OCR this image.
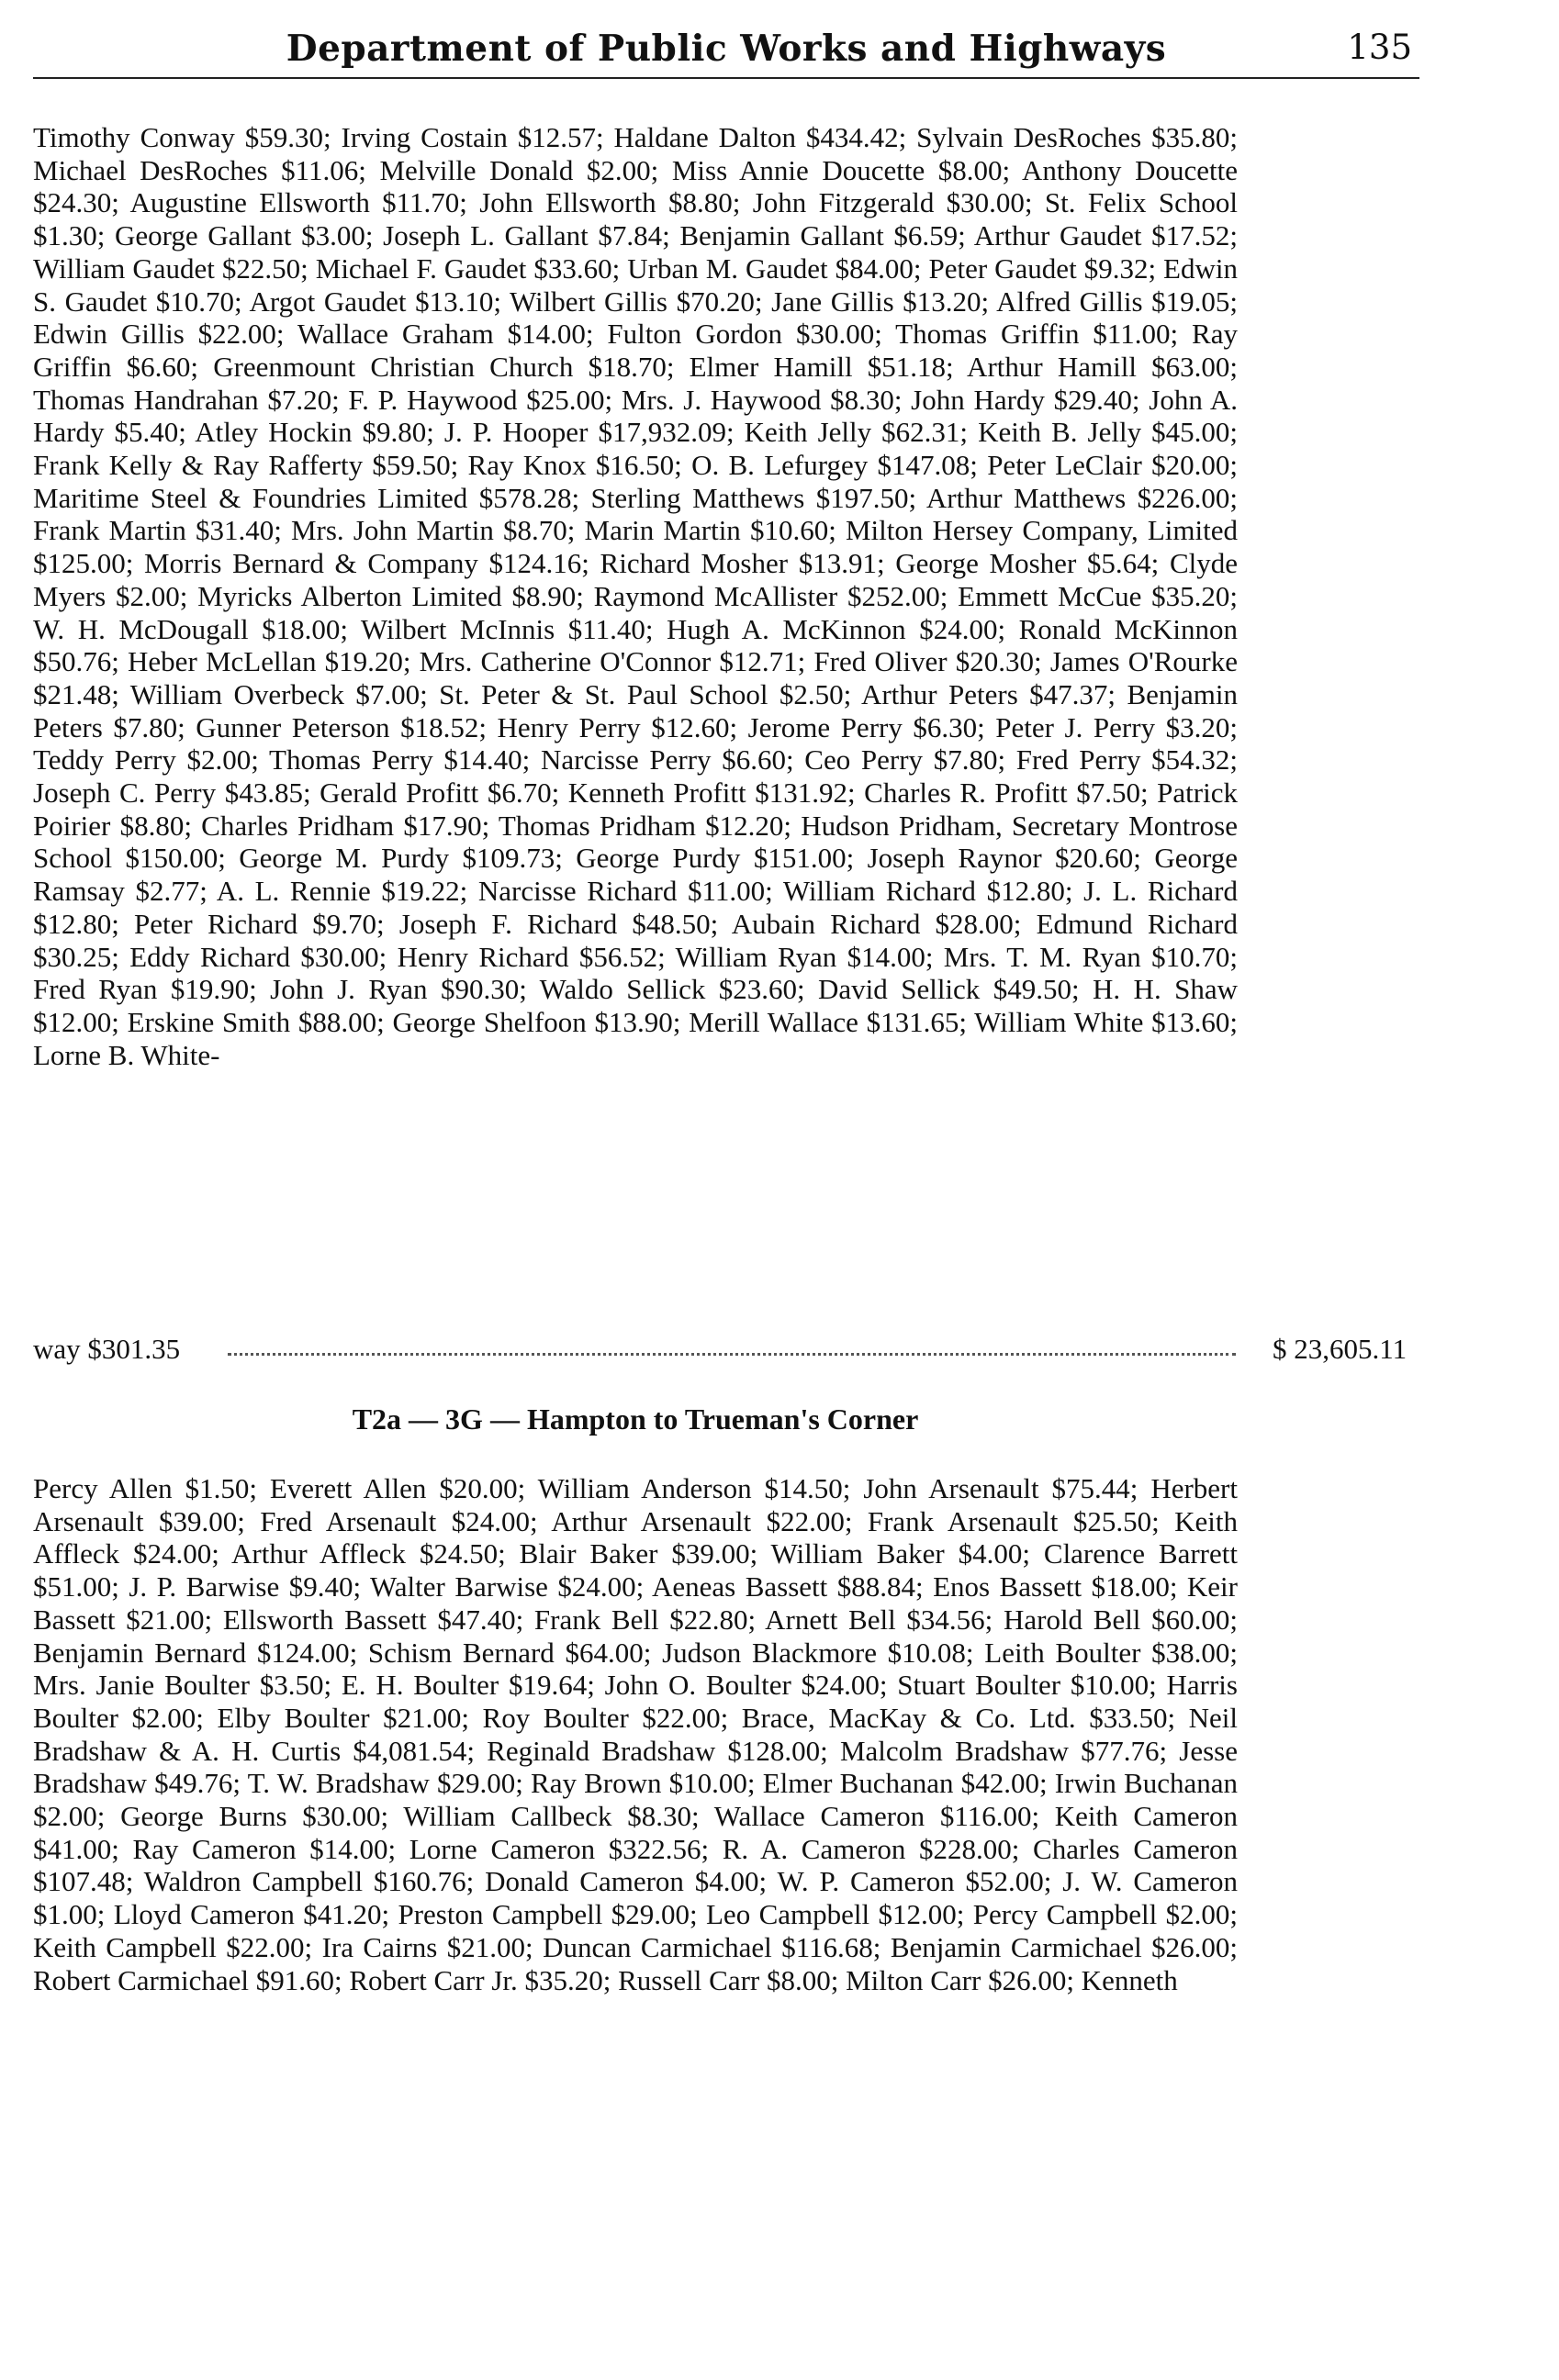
Department of Public Works and Highways	135

Timothy Conway $59.30; Irving Costain $12.57; Haldane Dalton $434.42; Sylvain DesRoches $35.80; Michael DesRoches $11.06; Melville Donald $2.00; Miss Annie Doucette $8.00; Anthony Doucette $24.30; Augustine Ellsworth $11.70; John Ellsworth $8.80; John Fitzgerald $30.00; St. Felix School $1.30; George Gallant $3.00; Joseph L. Gallant $7.84; Benjamin Gallant $6.59; Arthur Gaudet $17.52; William Gaudet $22.50; Michael F. Gaudet $33.60; Urban M. Gaudet $84.00; Peter Gaudet $9.32; Edwin S. Gaudet $10.70; Argot Gaudet $13.10; Wilbert Gillis $70.20; Jane Gillis $13.20; Alfred Gillis $19.05; Edwin Gillis $22.00; Wallace Graham $14.00; Fulton Gordon $30.00; Thomas Griffin $11.00; Ray Griffin $6.60; Greenmount Christian Church $18.70; Elmer Hamill $51.18; Arthur Hamill $63.00; Thomas Handrahan $7.20; F. P. Haywood $25.00; Mrs. J. Haywood $8.30; John Hardy $29.40; John A. Hardy $5.40; Atley Hockin $9.80; J. P. Hooper $17,932.09; Keith Jelly $62.31; Keith B. Jelly $45.00; Frank Kelly & Ray Rafferty $59.50; Ray Knox $16.50; O. B. Lefurgey $147.08; Peter LeClair $20.00; Maritime Steel & Foundries Limited $578.28; Sterling Matthews $197.50; Arthur Matthews $226.00; Frank Martin $31.40; Mrs. John Martin $8.70; Marin Martin $10.60; Milton Hersey Company, Limited $125.00; Morris Bernard & Company $124.16; Richard Mosher $13.91; George Mosher $5.64; Clyde Myers $2.00; Myricks Alberton Limited $8.90; Raymond McAllister $252.00; Emmett McCue $35.20; W. H. McDougall $18.00; Wilbert McInnis $11.40; Hugh A. McKinnon $24.00; Ronald McKinnon $50.76; Heber McLellan $19.20; Mrs. Catherine O'Connor $12.71; Fred Oliver $20.30; James O'Rourke $21.48; William Overbeck $7.00; St. Peter & St. Paul School $2.50; Arthur Peters $47.37; Benjamin Peters $7.80; Gunner Peterson $18.52; Henry Perry $12.60; Jerome Perry $6.30; Peter J. Perry $3.20; Teddy Perry $2.00; Thomas Perry $14.40; Narcisse Perry $6.60; Ceo Perry $7.80; Fred Perry $54.32; Joseph C. Perry $43.85; Gerald Profitt $6.70; Kenneth Profitt $131.92; Charles R. Profitt $7.50; Patrick Poirier $8.80; Charles Pridham $17.90; Thomas Pridham $12.20; Hudson Pridham, Secretary Montrose School $150.00; George M. Purdy $109.73; George Purdy $151.00; Joseph Raynor $20.60; George Ramsay $2.77; A. L. Rennie $19.22; Narcisse Richard $11.00; William Richard $12.80; J. L. Richard $12.80; Peter Richard $9.70; Joseph F. Richard $48.50; Aubain Richard $28.00; Edmund Richard $30.25; Eddy Richard $30.00; Henry Richard $56.52; William Ryan $14.00; Mrs. T. M. Ryan $10.70; Fred Ryan $19.90; John J. Ryan $90.30; Waldo Sellick $23.60; David Sellick $49.50; H. H. Shaw $12.00; Erskine Smith $88.00; George Shelfoon $13.90; Merill Wallace $131.65; William White $13.60; Lorne B. White-

way $301.35	$ 23,605.11
T2a — 3G — Hampton to Trueman's Corner

Percy Allen $1.50; Everett Allen $20.00; William Anderson $14.50; John Arsenault $75.44; Herbert Arsenault $39.00; Fred Arsenault $24.00; Arthur Arsenault $22.00; Frank Arsenault $25.50; Keith Affleck $24.00; Arthur Affleck $24.50; Blair Baker $39.00; William Baker $4.00; Clarence Barrett $51.00; J. P. Barwise $9.40; Walter Barwise $24.00; Aeneas Bassett $88.84; Enos Bassett $18.00; Keir Bassett $21.00; Ellsworth Bassett $47.40; Frank Bell $22.80; Arnett Bell $34.56; Harold Bell $60.00; Benjamin Bernard $124.00; Schism Bernard $64.00; Judson Blackmore $10.08; Leith Boulter $38.00; Mrs. Janie Boulter $3.50; E. H. Boulter $19.64; John O. Boulter $24.00; Stuart Boulter $10.00; Harris Boulter $2.00; Elby Boulter $21.00; Roy Boulter $22.00; Brace, MacKay & Co. Ltd. $33.50; Neil Bradshaw & A. H. Curtis $4,081.54; Reginald Bradshaw $128.00; Malcolm Bradshaw $77.76; Jesse Bradshaw $49.76; T. W. Bradshaw $29.00; Ray Brown $10.00; Elmer Buchanan $42.00; Irwin Buchanan $2.00; George Burns $30.00; William Callbeck $8.30; Wallace Cameron $116.00; Keith Cameron $41.00; Ray Cameron $14.00; Lorne Cameron $322.56; R. A. Cameron $228.00; Charles Cameron $107.48; Waldron Campbell $160.76; Donald Cameron $4.00; W. P. Cameron $52.00; J. W. Cameron $1.00; Lloyd Cameron $41.20; Preston Campbell $29.00; Leo Campbell $12.00; Percy Campbell $2.00; Keith Campbell $22.00; Ira Cairns $21.00; Duncan Carmichael $116.68; Benjamin Carmichael $26.00; Robert Carmichael $91.60; Robert Carr Jr. $35.20; Russell Carr $8.00; Milton Carr $26.00; Kenneth
